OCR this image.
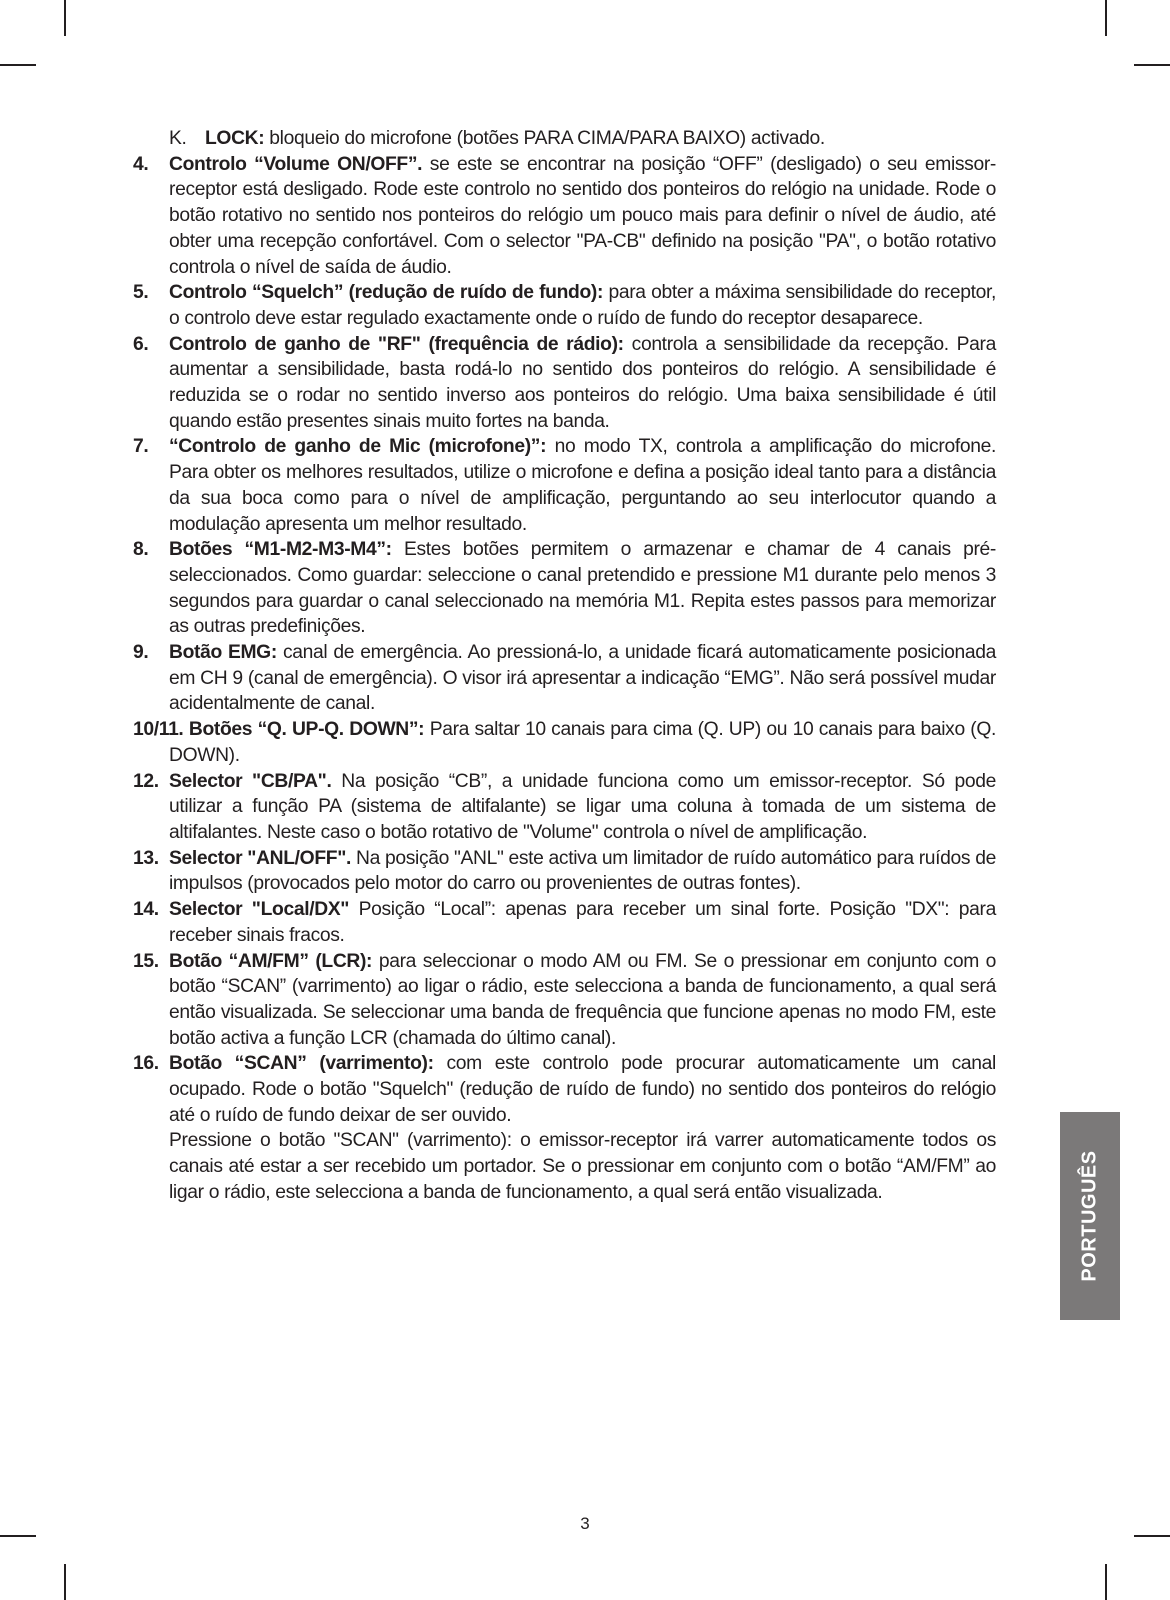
K. LOCK: bloqueio do microfone (botões PARA CIMA/PARA BAIXO) activado.
4. Controlo “Volume ON/OFF”. se este se encontrar na posição “OFF” (desligado) o seu emissor-receptor está desligado. Rode este controlo no sentido dos ponteiros do relógio na unidade. Rode o botão rotativo no sentido nos ponteiros do relógio um pouco mais para definir o nível de áudio, até obter uma recepção confortável. Com o selector "PA-CB" definido na posição "PA", o botão rotativo controla o nível de saída de áudio.
5. Controlo “Squelch” (redução de ruído de fundo): para obter a máxima sensibilidade do receptor, o controlo deve estar regulado exactamente onde o ruído de fundo do receptor desaparece.
6. Controlo de ganho de "RF" (frequência de rádio): controla a sensibilidade da recepção. Para aumentar a sensibilidade, basta rodá-lo no sentido dos ponteiros do relógio. A sensibilidade é reduzida se o rodar no sentido inverso aos ponteiros do relógio. Uma baixa sensibilidade é útil quando estão presentes sinais muito fortes na banda.
7. “Controlo de ganho de Mic (microfone)”: no modo TX, controla a amplificação do microfone. Para obter os melhores resultados, utilize o microfone e defina a posição ideal tanto para a distância da sua boca como para o nível de amplificação, perguntando ao seu interlocutor quando a modulação apresenta um melhor resultado.
8. Botões “M1-M2-M3-M4”: Estes botões permitem o armazenar e chamar de 4 canais pré-seleccionados. Como guardar: seleccione o canal pretendido e pressione M1 durante pelo menos 3 segundos para guardar o canal seleccionado na memória M1. Repita estes passos para memorizar as outras predefinições.
9. Botão EMG: canal de emergência. Ao pressioná-lo, a unidade ficará automaticamente posicionada em CH 9 (canal de emergência). O visor irá apresentar a indicação “EMG”. Não será possível mudar acidentalmente de canal.
10/11. Botões “Q. UP-Q. DOWN”: Para saltar 10 canais para cima (Q. UP) ou 10 canais para baixo (Q. DOWN).
12. Selector "CB/PA". Na posição “CB”, a unidade funciona como um emissor-receptor. Só pode utilizar a função PA (sistema de altifalante) se ligar uma coluna à tomada de um sistema de altifalantes. Neste caso o botão rotativo de "Volume" controla o nível de amplificação.
13. Selector "ANL/OFF". Na posição "ANL" este activa um limitador de ruído automático para ruídos de impulsos (provocados pelo motor do carro ou provenientes de outras fontes).
14. Selector "Local/DX" Posição “Local”: apenas para receber um sinal forte. Posição "DX": para receber sinais fracos.
15. Botão “AM/FM” (LCR): para seleccionar o modo AM ou FM. Se o pressionar em conjunto com o botão “SCAN” (varrimento) ao ligar o rádio, este selecciona a banda de funcionamento, a qual será então visualizada. Se seleccionar uma banda de frequência que funcione apenas no modo FM, este botão activa a função LCR (chamada do último canal).
16. Botão “SCAN” (varrimento): com este controlo pode procurar automaticamente um canal ocupado. Rode o botão "Squelch" (redução de ruído de fundo) no sentido dos ponteiros do relógio até o ruído de fundo deixar de ser ouvido.
Pressione o botão "SCAN" (varrimento): o emissor-receptor irá varrer automaticamente todos os canais até estar a ser recebido um portador. Se o pressionar em conjunto com o botão “AM/FM” ao ligar o rádio, este selecciona a banda de funcionamento, a qual será então visualizada.
3
PORTUGUÊS
